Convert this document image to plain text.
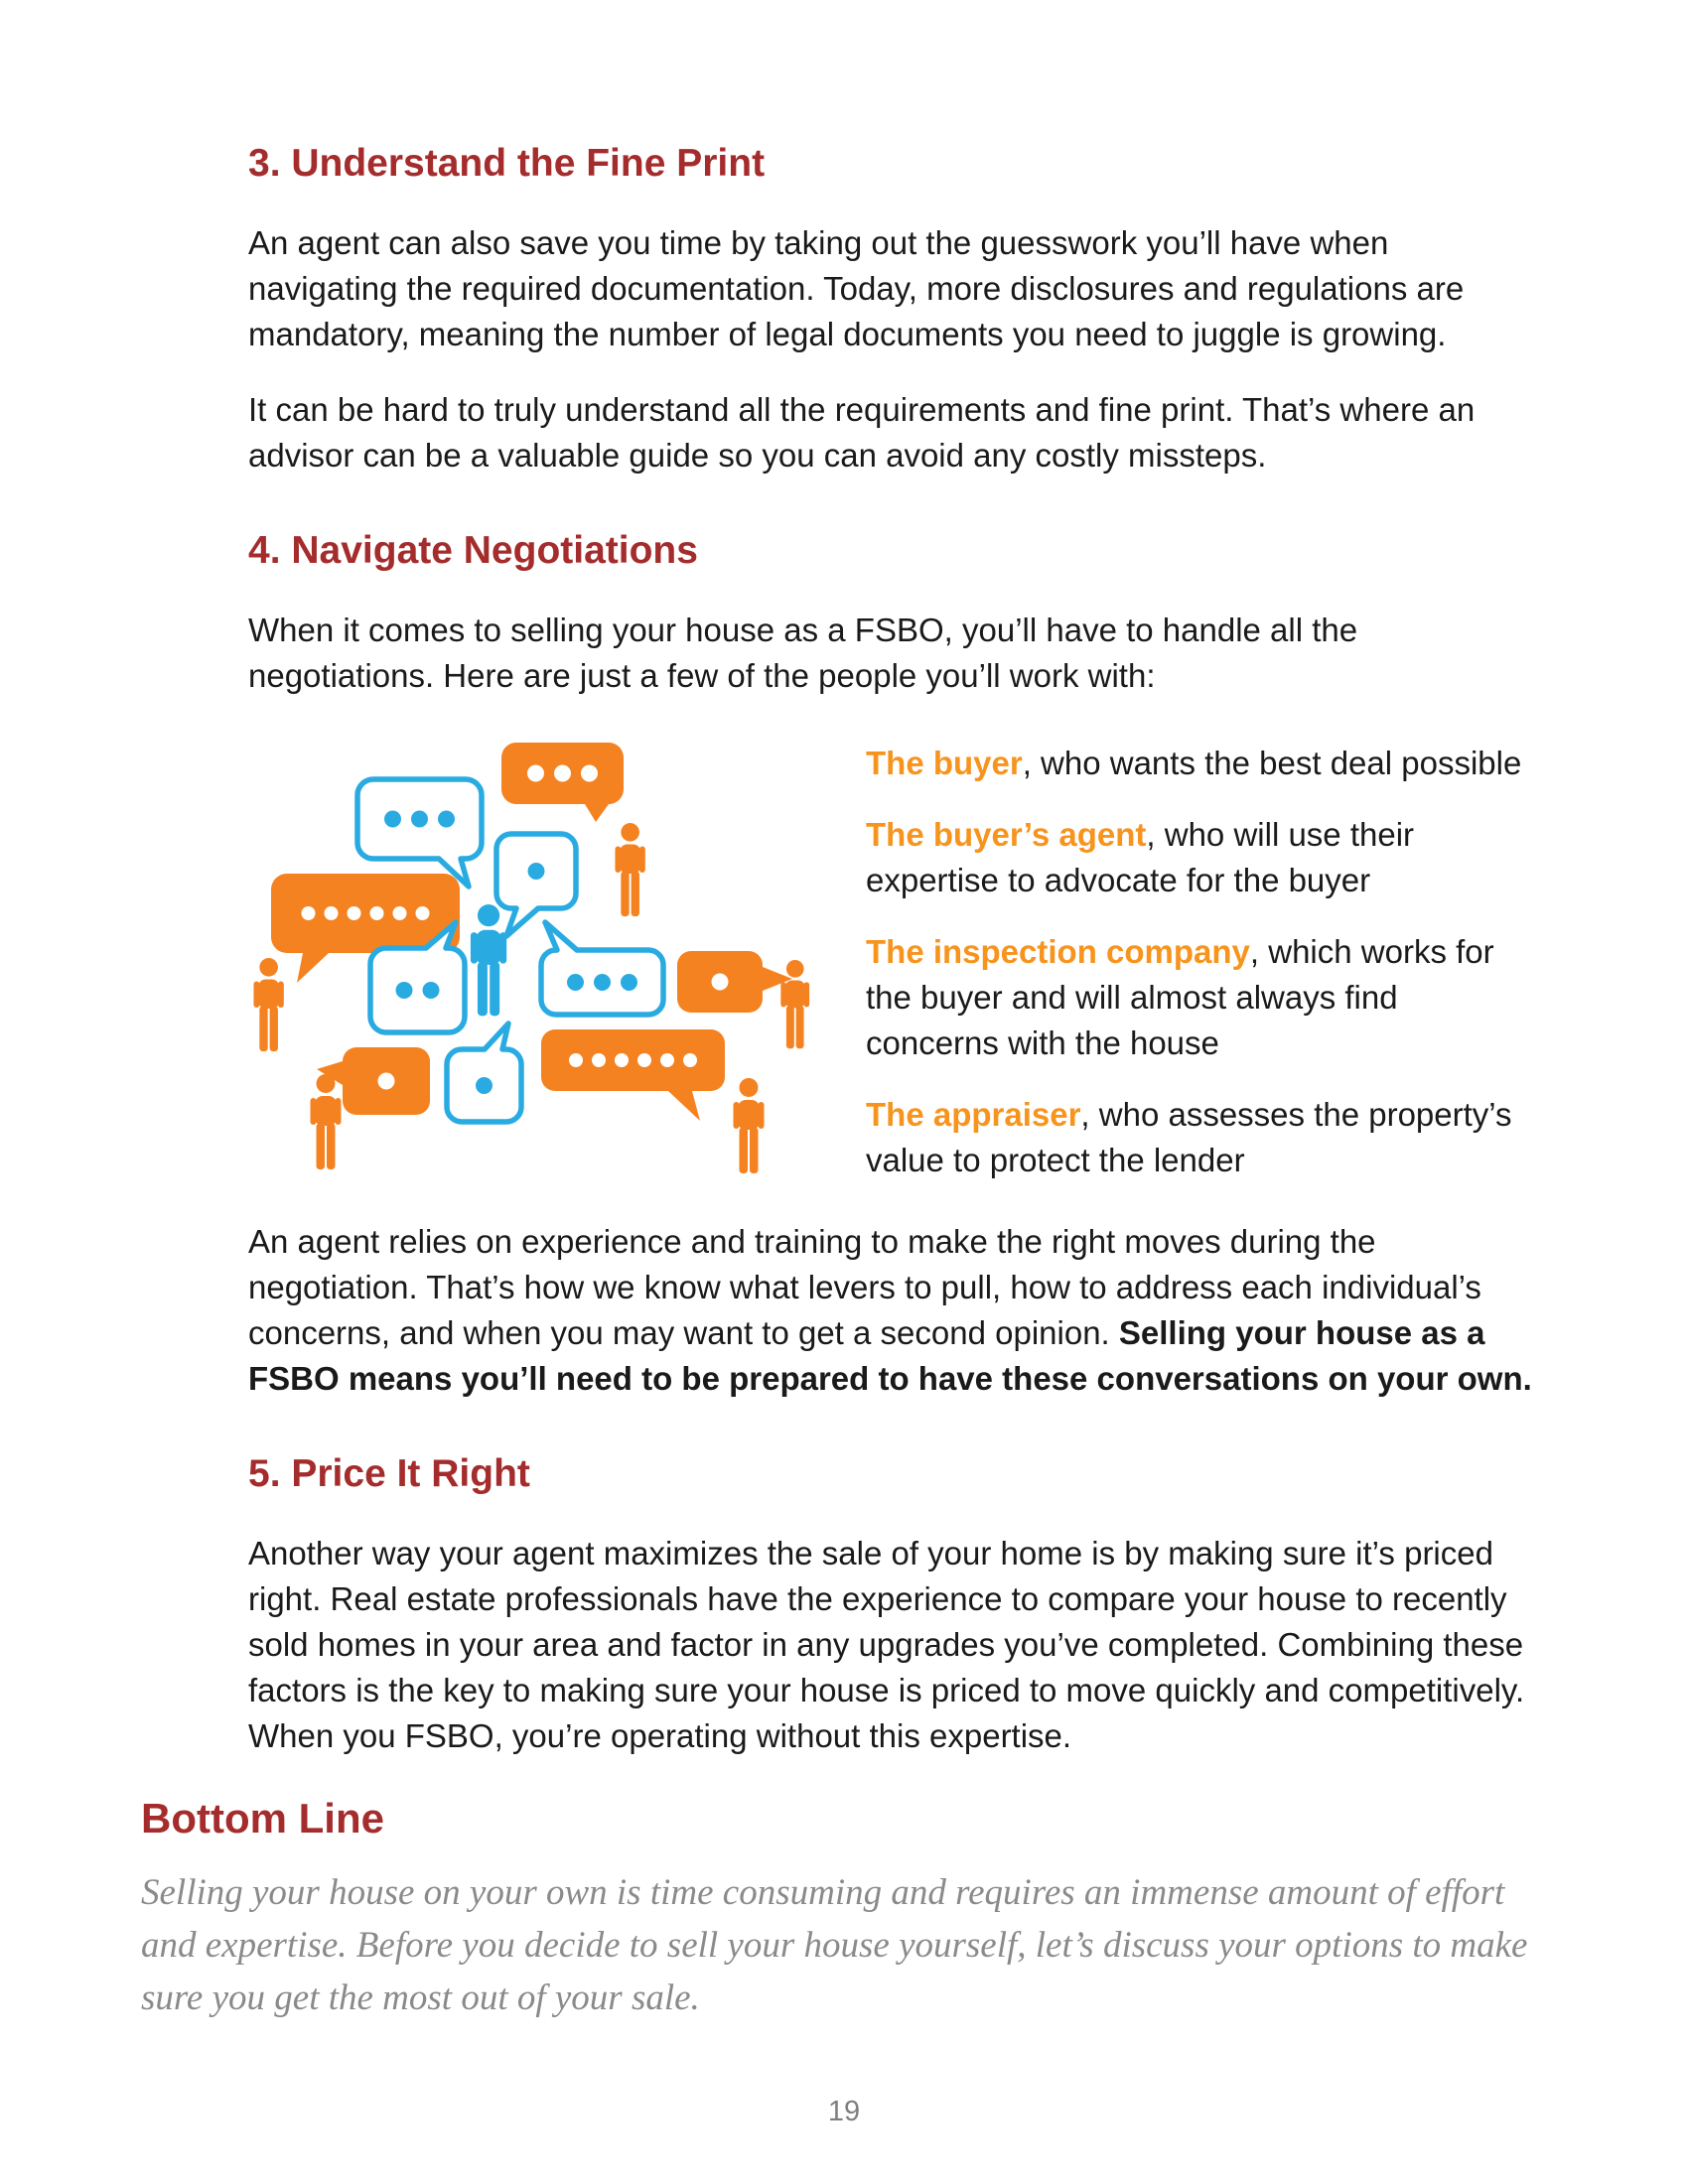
3. Understand the Fine Print

An agent can also save you time by taking out the guesswork you’ll have when navigating the required documentation. Today, more disclosures and regulations are mandatory, meaning the number of legal documents you need to juggle is growing.

It can be hard to truly understand all the requirements and fine print. That’s where an advisor can be a valuable guide so you can avoid any costly missteps.

4. Navigate Negotiations

When it comes to selling your house as a FSBO, you’ll have to handle all the negotiations. Here are just a few of the people you’ll work with:

The buyer, who wants the best deal possible

The buyer’s agent, who will use their expertise to advocate for the buyer

The inspection company, which works for the buyer and will almost always find concerns with the house

The appraiser, who assesses the property’s value to protect the lender

An agent relies on experience and training to make the right moves during the negotiation. That’s how we know what levers to pull, how to address each individual’s concerns, and when you may want to get a second opinion. Selling your house as a FSBO means you’ll need to be prepared to have these conversations on your own.

5. Price It Right

Another way your agent maximizes the sale of your home is by making sure it’s priced right. Real estate professionals have the experience to compare your house to recently sold homes in your area and factor in any upgrades you’ve completed. Combining these factors is the key to making sure your house is priced to move quickly and competitively. When you FSBO, you’re operating without this expertise.

Bottom Line

Selling your house on your own is time consuming and requires an immense amount of effort and expertise. Before you decide to sell your house yourself, let’s discuss your options to make sure you get the most out of your sale.

19
